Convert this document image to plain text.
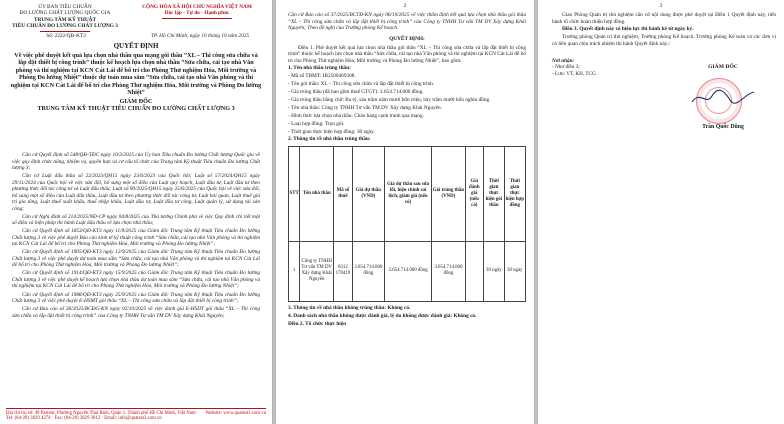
ỦY BAN TIÊU CHUẨN
ĐO LƯỜNG CHẤT LƯỢNG QUỐC GIA
TRUNG TÂM KỸ THUẬT
TIÊU CHUẨN ĐO LƯỜNG CHẤT LƯỢNG 3
CỘNG HÒA XÃ HỘI CHỦ NGHĨA VIỆT NAM
Độc lập - Tự do - Hạnh phúc
Số: 2222/QĐ-KT3	TP. Hồ Chí Minh, ngày 10 tháng 10 năm 2025
QUYẾT ĐỊNH
Về việc phê duyệt kết quả lựa chọn nhà thầu qua mạng gói thầu “XL – Thi công sửa chữa và lắp đặt thiết bị công trình” thuộc kế hoạch lựa chọn nhà thầu “Sửa chữa, cải tạo nhà Văn phòng và thí nghiệm tại KCN Cát Lái để bố trí cho Phòng Thử nghiệm Hóa, Môi trường và Phòng Đo lường Nhiệt” thuộc dự toán mua sắm “Sửa chữa, cải tạo nhà Văn phòng và thí nghiệm tại KCN Cát Lái để bố trí cho Phòng Thử nghiệm Hóa, Môi trường và Phòng Đo lường Nhiệt”
GIÁM ĐỐC
TRUNG TÂM KỸ THUẬT TIÊU CHUẨN ĐO LƯỜNG CHẤT LƯỢNG 3

Căn cứ Quyết định số 548/QĐ-TĐC ngày 10/3/2025 của Ủy ban Tiêu chuẩn Đo lường Chất lượng Quốc gia về việc quy định chức năng, nhiệm vụ, quyền hạn và cơ cấu tổ chức của Trung tâm Kỹ thuật Tiêu chuẩn Đo lường Chất lượng 3;

Căn cứ Luật đấu thầu số 22/2023/QH15 ngày 23/6/2023 của Quốc hội; Luật số 57/2024/QH15 ngày 29/11/2024 của Quốc hội về việc sửa đổi, bổ sung một số điều của Luật quy hoạch, Luật đầu tư, Luật đầu tư theo phương thức đối tác công tư và Luật đấu thầu; Luật số 90/2025/QH15 ngày 25/6/2025 của Quốc hội về việc sửa đổi, bổ sung một số điều của Luật đấu thầu, Luật đầu tư theo phương thức đối tác công tư, Luật hải quan, Luật thuế giá trị gia tăng, Luật thuế xuất khẩu, thuế nhập khẩu, Luật đầu tư, Luật đầu tư công, Luật quản lý, sử dụng tài sản công;

Căn cứ Nghị định số 214/2025/NĐ-CP ngày 04/8/2025 của Thủ tướng Chính phủ về việc Quy định chi tiết một số điều và biện pháp thi hành Luật đấu thầu về lựa chọn nhà thầu;

Căn cứ Quyết định số 1853/QĐ-KT3 ngày 11/9/2025 của Giám đốc Trung tâm Kỹ thuật Tiêu chuẩn Đo lường Chất lượng 3 về việc phê duyệt Báo cáo kinh tế kỹ thuật công trình “Sửa chữa, cải tạo nhà Văn phòng và thí nghiệm tại KCN Cát Lái để bố trí cho Phòng Thử nghiệm Hóa, Môi trường và Phòng Đo lường Nhiệt”;

Căn cứ Quyết định số 1905/QĐ-KT3 ngày 12/9/2025 của Giám đốc Trung tâm Kỹ thuật Tiêu chuẩn Đo lường Chất lượng 3 về việc phê duyệt dự toán mua sắm “Sửa chữa, cải tạo nhà Văn phòng và thí nghiệm tại KCN Cát Lái để bố trí cho Phòng Thử nghiệm Hóa, Môi trường và Phòng Đo lường Nhiệt”;

Căn cứ Quyết định số 1914/QĐ-KT3 ngày 15/9/2025 của Giám đốc Trung tâm Kỹ thuật Tiêu chuẩn Đo lường Chất lượng 3 về việc phê duyệt kế hoạch lựa chọn nhà thầu dự toán mua sắm “Sửa chữa, cải tạo nhà Văn phòng và thí nghiệm tại KCN Cát Lái để bố trí cho Phòng Thử nghiệm Hóa, Môi trường và Phòng Đo lường Nhiệt”;

Căn cứ Quyết định số 1988/QĐ-KT3 ngày 25/9/2025 của Giám đốc Trung tâm Kỹ thuật Tiêu chuẩn Đo lường Chất lượng 3 về việc phê duyệt E-HSMT gói thầu “XL – Thi công sửa chữa và lắp đặt thiết bị công trình”;

Căn cứ Báo cáo số 36/2025/BCĐG-KN ngày 02/10/2025 về việc đánh giá E-HSDT gói thầu “XL – Thi công sửa chữa và lắp đặt thiết bị công trình” của Công ty TNHH Tư vấn TM DV Xây dựng Khải Nguyên;

Địa chỉ trụ sở: 49 Pasteur, Phường Nguyễn Thái Bình, Quận 1, Thành phố Hồ Chí Minh, Việt Nam Website: www.quatest3.com.vn
Tel: (84-28) 3829 4274 · Fax: (84-28) 3829 3012 · Email: info@quatest3.com.vn
2
Căn cứ Báo cáo số 37/2025/BCTĐ-KN ngày 06/10/2025 về việc thẩm định kết quả lựa chọn nhà thầu gói thầu “XL – Thi công sửa chữa và lắp đặt thiết bị công trình” của Công ty TNHH Tư vấn TM DV Xây dựng Khải Nguyên; Theo đề nghị của Trưởng phòng Kế hoạch.
QUYẾT ĐỊNH:

Điều 1. Phê duyệt kết quả lựa chọn nhà thầu gói thầu “XL – Thi công sửa chữa và lắp đặt thiết bị công trình” thuộc kế hoạch lựa chọn nhà thầu “Sửa chữa, cải tạo nhà Văn phòng và thí nghiệm tại KCN Cát Lái để bố trí cho Phòng Thử nghiệm Hóa, Môi trường và Phòng Đo lường Nhiệt”, bao gồm:

1. Tên nhà thầu trúng thầu:

- Mã số TBMT: IB2500469308.

- Tên gói thầu: XL – Thi công sửa chữa và lắp đặt thiết bị công trình.

- Giá trúng thầu (đã bao gồm thuế GTGT): 3.654.714.000 đồng.

- Giá trúng thầu bằng chữ: Ba tỷ, sáu trăm năm mươi bốn triệu, bảy trăm mười bốn nghìn đồng.

- Tên nhà thầu: Công ty TNHH Tư vấn TM DV Xây dựng Khải Nguyên.

- Hình thức lựa chọn nhà thầu: Chào hàng cạnh tranh qua mạng.

- Loại hợp đồng: Trọn gói.

- Thời gian thực hiện hợp đồng: 30 ngày.

2. Thông tin về nhà thầu trúng thầu:

STT	Tên nhà thầu	Mã số thuế	Giá dự thầu (VND)	Giá dự thầu sau sửa lỗi, hiệu chỉnh sai lệch, giảm giá (nếu có)	Giá trúng thầu (VND)	Giá đánh giá (nếu có)	Thời gian thực hiện gói thầu	Thời gian thực hiện hợp đồng
1	Công ty TNHH Tư vấn TM DV Xây dựng Khải Nguyên	0312 170419	3.654.714.000 đồng	3.654.714.000 đồng	3.654.714.000 đồng		30 ngày	30 ngày

3. Thông tin về nhà thầu không trúng thầu: Không có.

4. Danh sách nhà thầu không được đánh giá, lý do không được đánh giá: Không có.

Điều 2. Tổ chức thực hiện

3

Giao Phòng Quản trị thủ nghiệm căn cứ nội dung được phê duyệt tại Điều 1 Quyết định này, tiến hành tổ chức hoàn thiện hợp đồng.

Điều 3. Quyết định này có hiệu lực thi hành kể từ ngày ký.

Trưởng phòng Quản trị thủ nghiệm, Trưởng phòng Kế hoạch, Trưởng phòng Kế toán và các đơn vị có liên quan chịu trách nhiệm thi hành Quyết định này./.

Nơi nhận:
- Như điều 3;
- Lưu: VT, KH, TCG.
GIÁM ĐỐC
Trần Quốc Dũng
